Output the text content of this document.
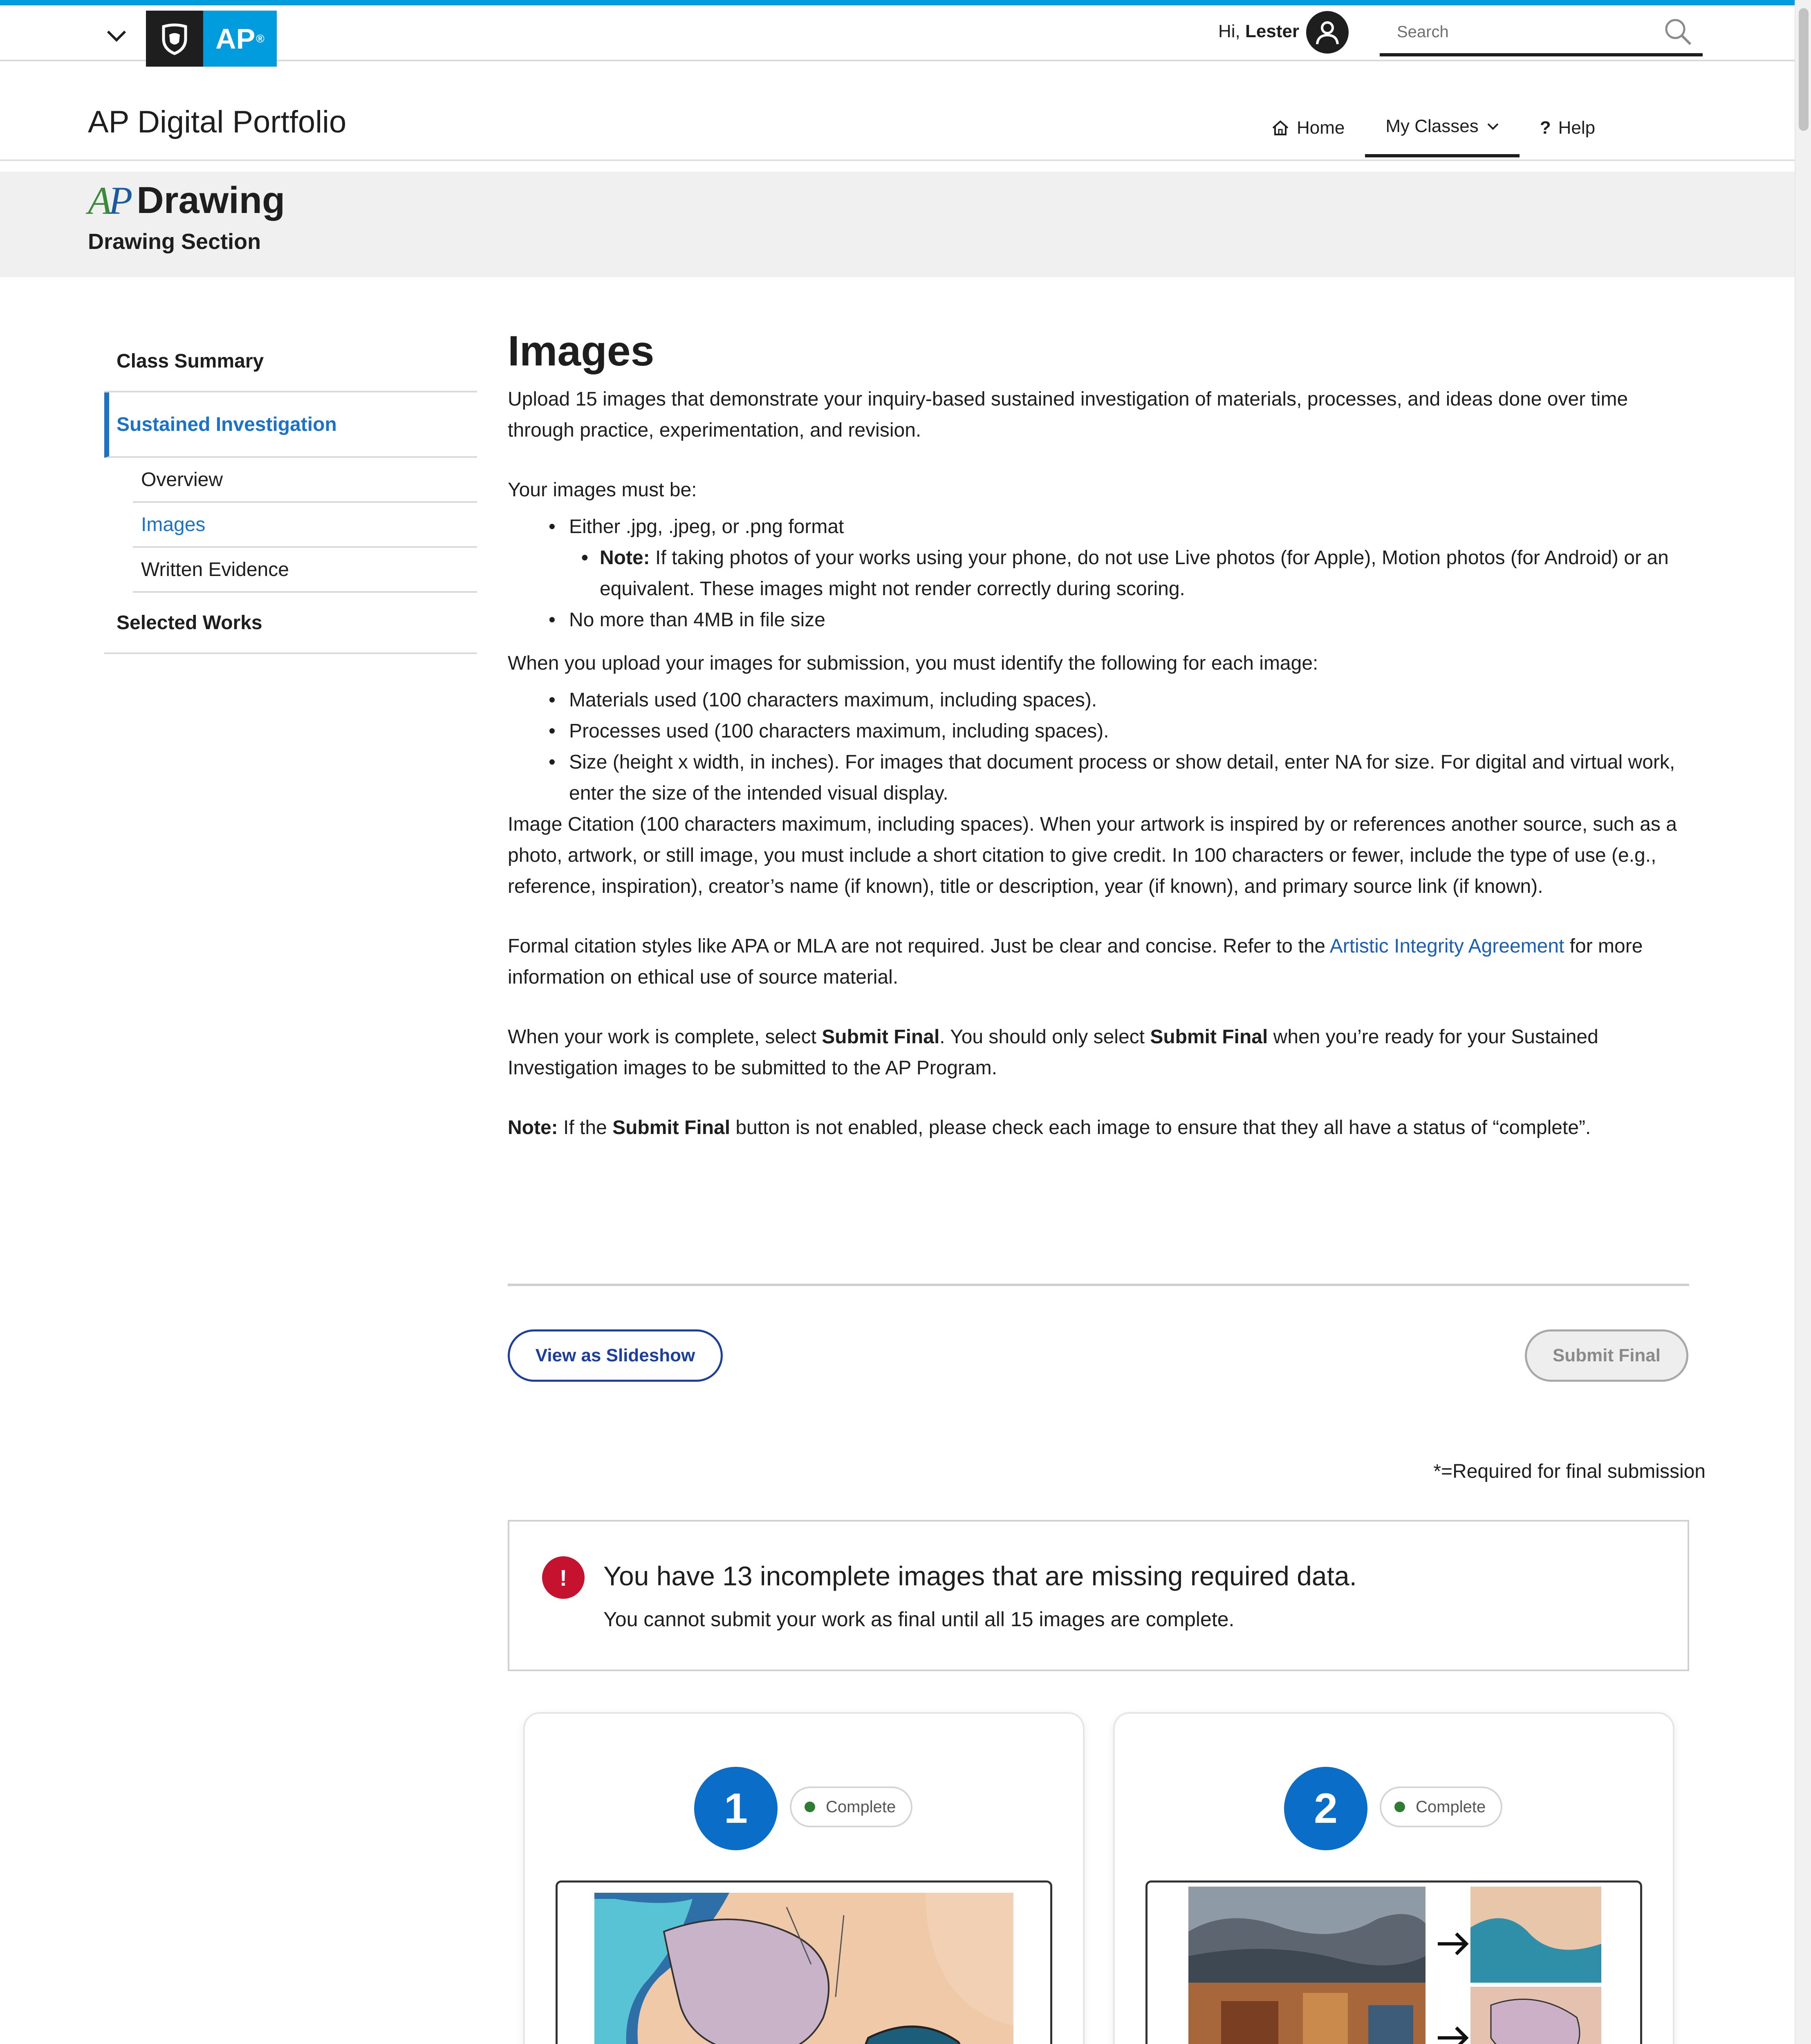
AP ®	Hi, Lester
Search
AP Digital Portfolio	Home My Classes	? Help
AP Drawing
Drawing Section
Class Summary
Sustained Investigation
Overview
Images
Written Evidence
Selected Works
Images

Upload 15 images that demonstrate your inquiry-based sustained investigation of materials, processes, and ideas done over time through practice, experimentation, and revision.

Your images must be:

• Either .jpg, .jpeg, or .png format
• Note: If taking photos of your works using your phone, do not use Live photos (for Apple), Motion photos (for Android) or an equivalent. These images might not render correctly during scoring.
• No more than 4MB in file size

When you upload your images for submission, you must identify the following for each image:

• Materials used (100 characters maximum, including spaces).
• Processes used (100 characters maximum, including spaces).
• Size (height x width, in inches). For images that document process or show detail, enter NA for size. For digital and virtual work, enter the size of the intended visual display.

Image Citation (100 characters maximum, including spaces). When your artwork is inspired by or references another source, such as a photo, artwork, or still image, you must include a short citation to give credit. In 100 characters or fewer, include the type of use (e.g., reference, inspiration), creator’s name (if known), title or description, year (if known), and primary source link (if known).

Formal citation styles like APA or MLA are not required. Just be clear and concise. Refer to the Artistic Integrity Agreement for more information on ethical use of source material.

When your work is complete, select Submit Final. You should only select Submit Final when you’re ready for your Sustained Investigation images to be submitted to the AP Program.

Note: If the Submit Final button is not enabled, please check each image to ensure that they all have a status of “complete”.

View as Slideshow	Submit Final
*=Required for final submission
!	You have 13 incomplete images that are missing required data.
You cannot submit your work as final until all 15 images are complete.
1	Complete	2	Complete
